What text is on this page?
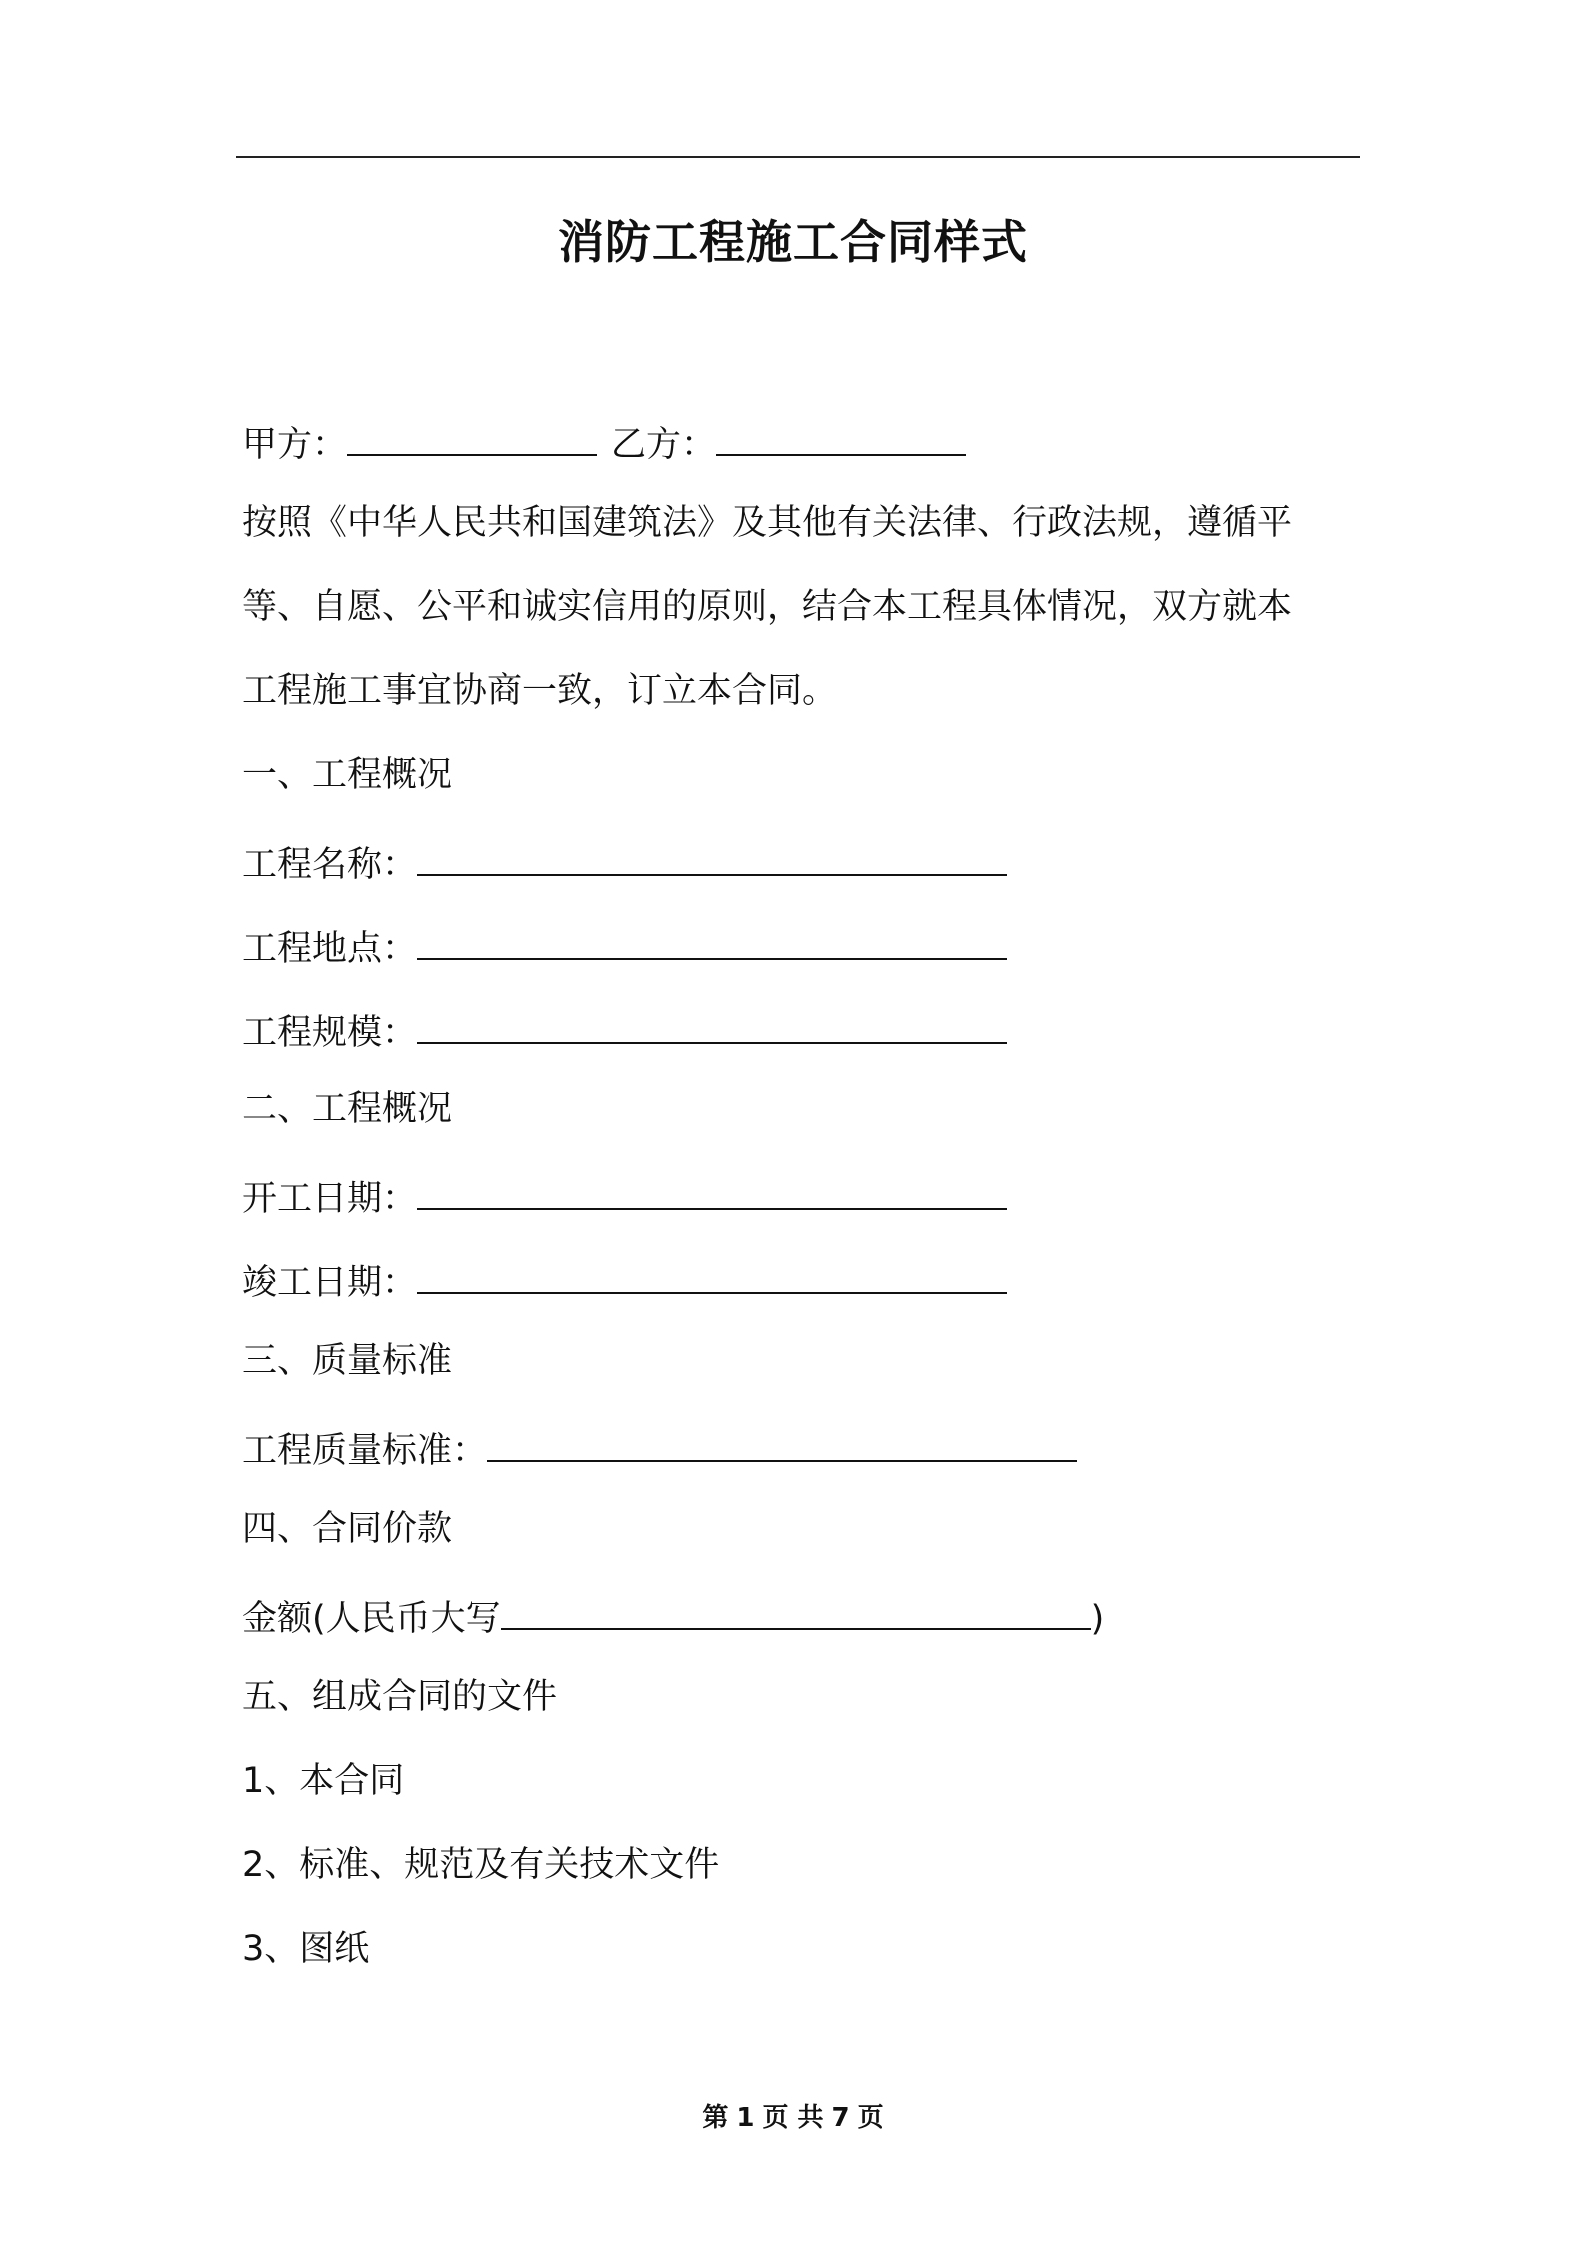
消防工程施工合同样式
甲方：	乙方：
按照《中华人民共和国建筑法》及其他有关法律、行政法规，遵循平
等、自愿、公平和诚实信用的原则，结合本工程具体情况，双方就本
工程施工事宜协商一致，订立本合同。
一、工程概况
工程名称：
工程地点：
工程规模：
二、工程概况
开工日期：
竣工日期：
三、质量标准
工程质量标准：
四、合同价款
金额(人民币大写	)
五、组成合同的文件
1、本合同
2、标准、规范及有关技术文件
3、图纸
第 1 页 共 7 页
